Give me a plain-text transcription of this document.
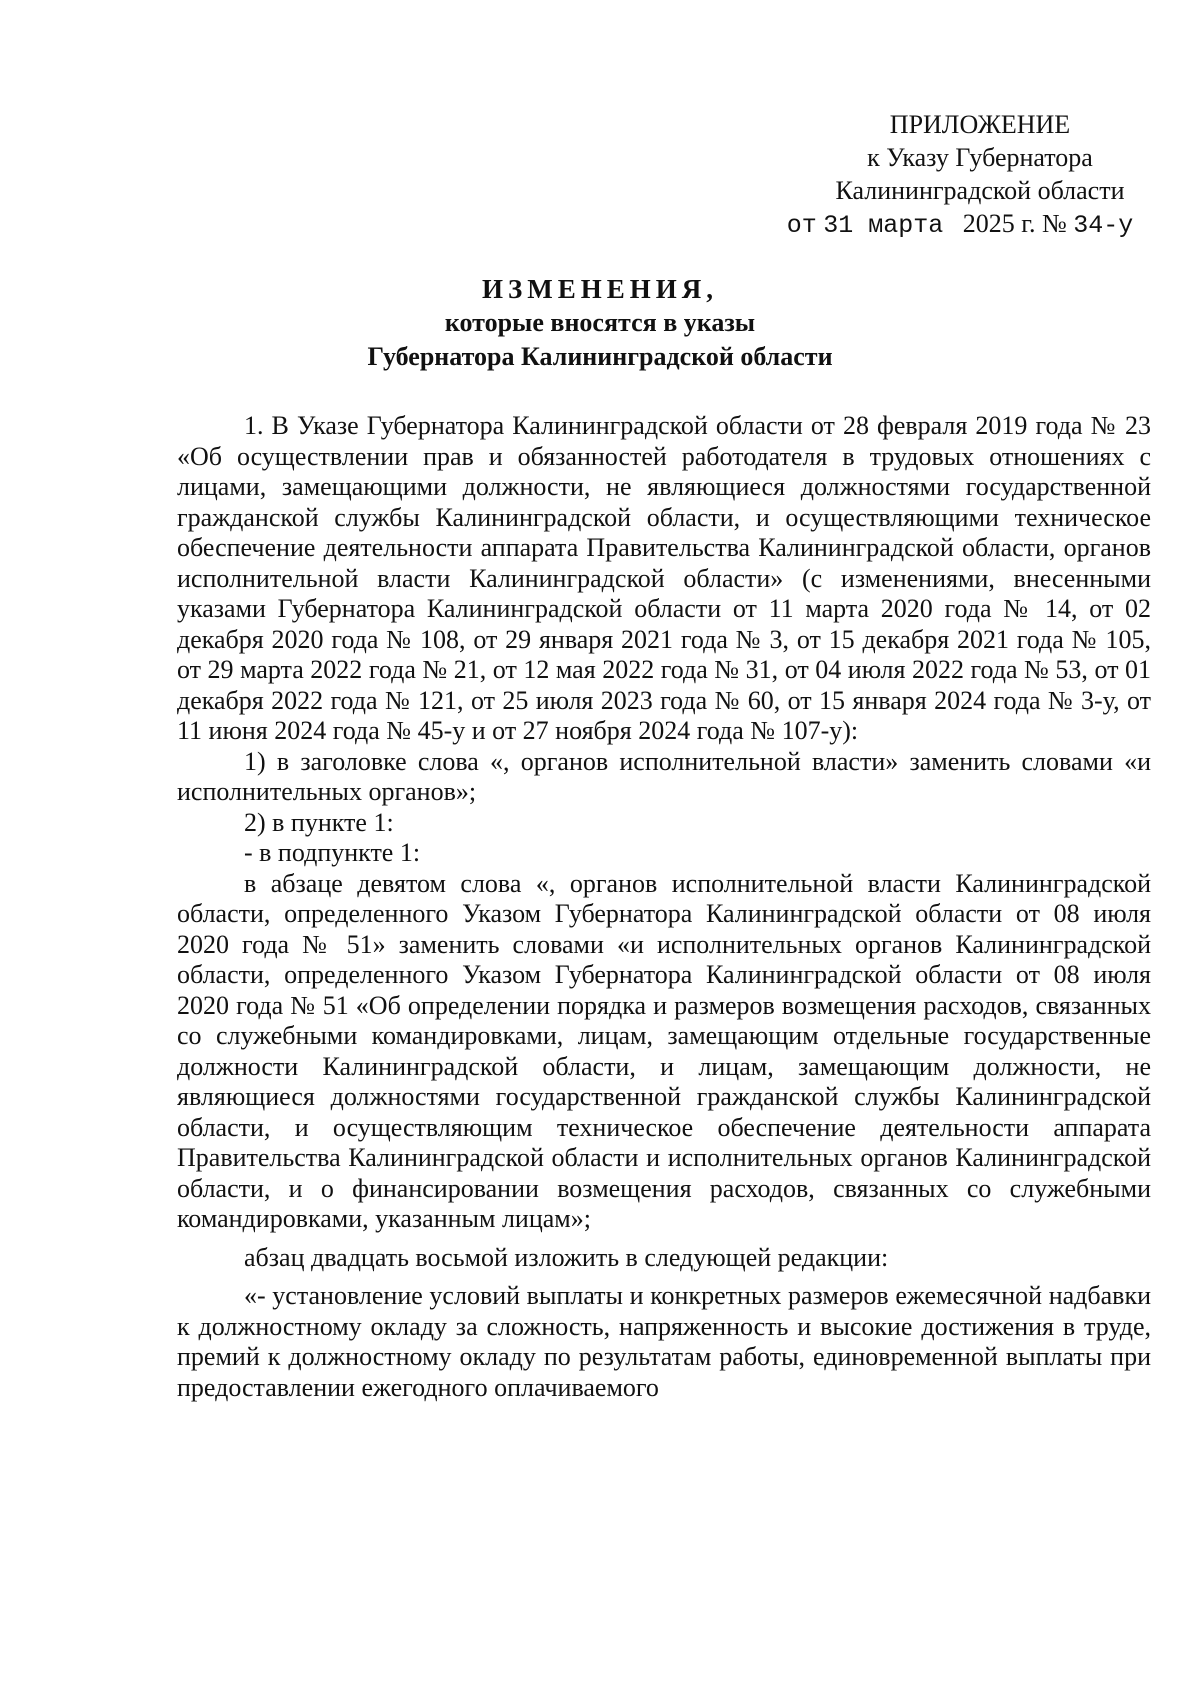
ПРИЛОЖЕНИЕ
к Указу Губернатора
Калининградской области
от 31 марта 2025 г. № 34-у
ИЗМЕНЕНИЯ,
которые вносятся в указы
Губернатора Калининградской области

1. В Указе Губернатора Калининградской области от 28 февраля 2019 года № 23 «Об осуществлении прав и обязанностей работодателя в трудовых отношениях с лицами, замещающими должности, не являющиеся должностями государственной гражданской службы Калининградской области, и осуществляющими техническое обеспечение деятельности аппарата Правительства Калининградской области, органов исполнительной власти Калининградской области» (с изменениями, внесенными указами Губернатора Калининградской области от 11 марта 2020 года № 14, от 02 декабря 2020 года № 108, от 29 января 2021 года № 3, от 15 декабря 2021 года № 105, от 29 марта 2022 года № 21, от 12 мая 2022 года № 31, от 04 июля 2022 года № 53, от 01 декабря 2022 года № 121, от 25 июля 2023 года № 60, от 15 января 2024 года № 3-у, от 11 июня 2024 года № 45-у и от 27 ноября 2024 года № 107-у):

1) в заголовке слова «, органов исполнительной власти» заменить словами «и исполнительных органов»;

2) в пункте 1:

- в подпункте 1:

в абзаце девятом слова «, органов исполнительной власти Калининградской области, определенного Указом Губернатора Калининградской области от 08 июля 2020 года № 51» заменить словами «и исполнительных органов Калининградской области, определенного Указом Губернатора Калининградской области от 08 июля 2020 года № 51 «Об определении порядка и размеров возмещения расходов, связанных со служебными командировками, лицам, замещающим отдельные государственные должности Калининградской области, и лицам, замещающим должности, не являющиеся должностями государственной гражданской службы Калининградской области, и осуществляющим техническое обеспечение деятельности аппарата Правительства Калининградской области и исполнительных органов Калининградской области, и о финансировании возмещения расходов, связанных со служебными командировками, указанным лицам»;

абзац двадцать восьмой изложить в следующей редакции:

«- установление условий выплаты и конкретных размеров ежемесячной надбавки к должностному окладу за сложность, напряженность и высокие достижения в труде, премий к должностному окладу по результатам работы, единовременной выплаты при предоставлении ежегодного оплачиваемого
